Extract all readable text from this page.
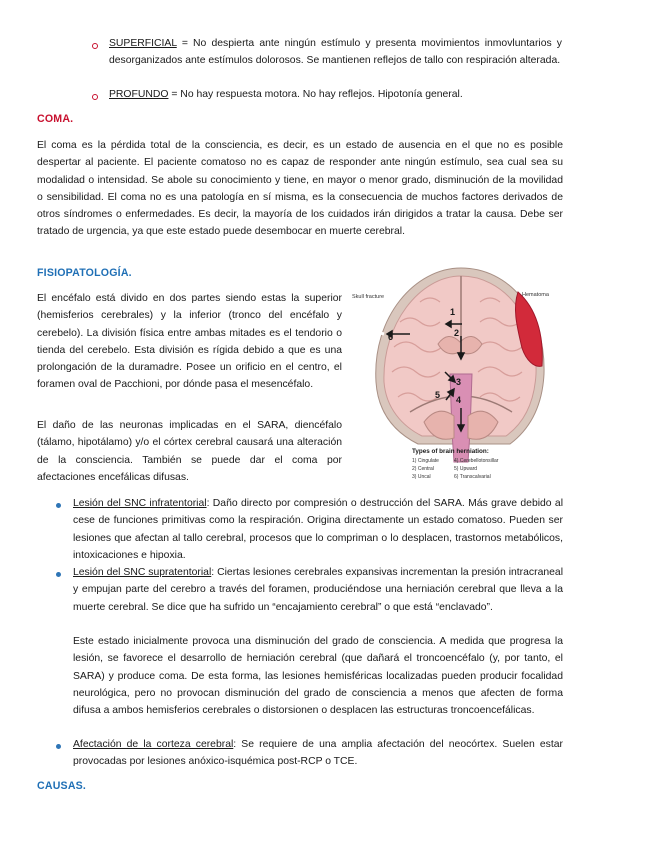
SUPERFICIAL = No despierta ante ningún estímulo y presenta movimientos inmovluntarios y desorganizados ante estímulos dolorosos. Se mantienen reflejos de tallo con respiración alterada.

PROFUNDO = No hay respuesta motora. No hay reflejos. Hipotonía general.

COMA.

El coma es la pérdida total de la consciencia, es decir, es un estado de ausencia en el que no es posible despertar al paciente. El paciente comatoso no es capaz de responder ante ningún estímulo, sea cual sea su modalidad o intensidad. Se abole su conocimiento y tiene, en mayor o menor grado, disminución de la movilidad o sensibilidad. El coma no es una patología en sí misma, es la consecuencia de muchos factores derivados de otros síndromes o enfermedades. Es decir, la mayoría de los cuidados irán dirigidos a tratar la causa. Debe ser tratado de urgencia, ya que este estado puede desembocar en muerte cerebral.

FISIOPATOLOGÍA.

El encéfalo está divido en dos partes siendo estas la superior (hemisferios cerebrales) y la inferior (tronco del encéfalo y cerebelo). La división física entre ambas mitades es el tendorio o tienda del cerebelo. Esta división es rígida debido a que es una prolongación de la duramadre. Posee un orificio en el centro, el foramen oval de Pacchioni, por dónde pasa el mesencéfalo.

El daño de las neuronas implicadas en el SARA, diencéfalo (tálamo, hipotálamo) y/o el córtex cerebral causará una alteración de la consciencia. También se puede dar el coma por afectaciones encefálicas difusas.

1
2
3
4
5
6
Skull fracture	Hematoma
Types of brain herniation:
1) Cingulate	4) Cerebellotonsillar
2) Central	5) Upward
3) Uncal	6) Transcalvarial

Lesión del SNC infratentorial: Daño directo por compresión o destrucción del SARA. Más grave debido al cese de funciones primitivas como la respiración. Origina directamente un estado comatoso. Pueden ser lesiones que afectan al tallo cerebral, procesos que lo compriman o lo desplacen, trastornos metabólicos, intoxicaciones e hipoxia.

Lesión del SNC supratentorial: Ciertas lesiones cerebrales expansivas incrementan la presión intracraneal y empujan parte del cerebro a través del foramen, produciéndose una herniación cerebral que lleva a la muerte cerebral. Se dice que ha sufrido un “encajamiento cerebral” o que está “enclavado”.

Este estado inicialmente provoca una disminución del grado de consciencia. A medida que progresa la lesión, se favorece el desarrollo de herniación cerebral (que dañará el troncoencéfalo (y, por tanto, el SARA) y produce coma. De esta forma, las lesiones hemisféricas localizadas pueden producir focalidad neurológica, pero no provocan disminución del grado de consciencia a menos que afecten de forma difusa a ambos hemisferios cerebrales o distorsionen o desplacen las estructuras troncoencefálicas.

Afectación de la corteza cerebral: Se requiere de una amplia afectación del neocórtex. Suelen estar provocadas por lesiones anóxico-isquémica post-RCP o TCE.

CAUSAS.
